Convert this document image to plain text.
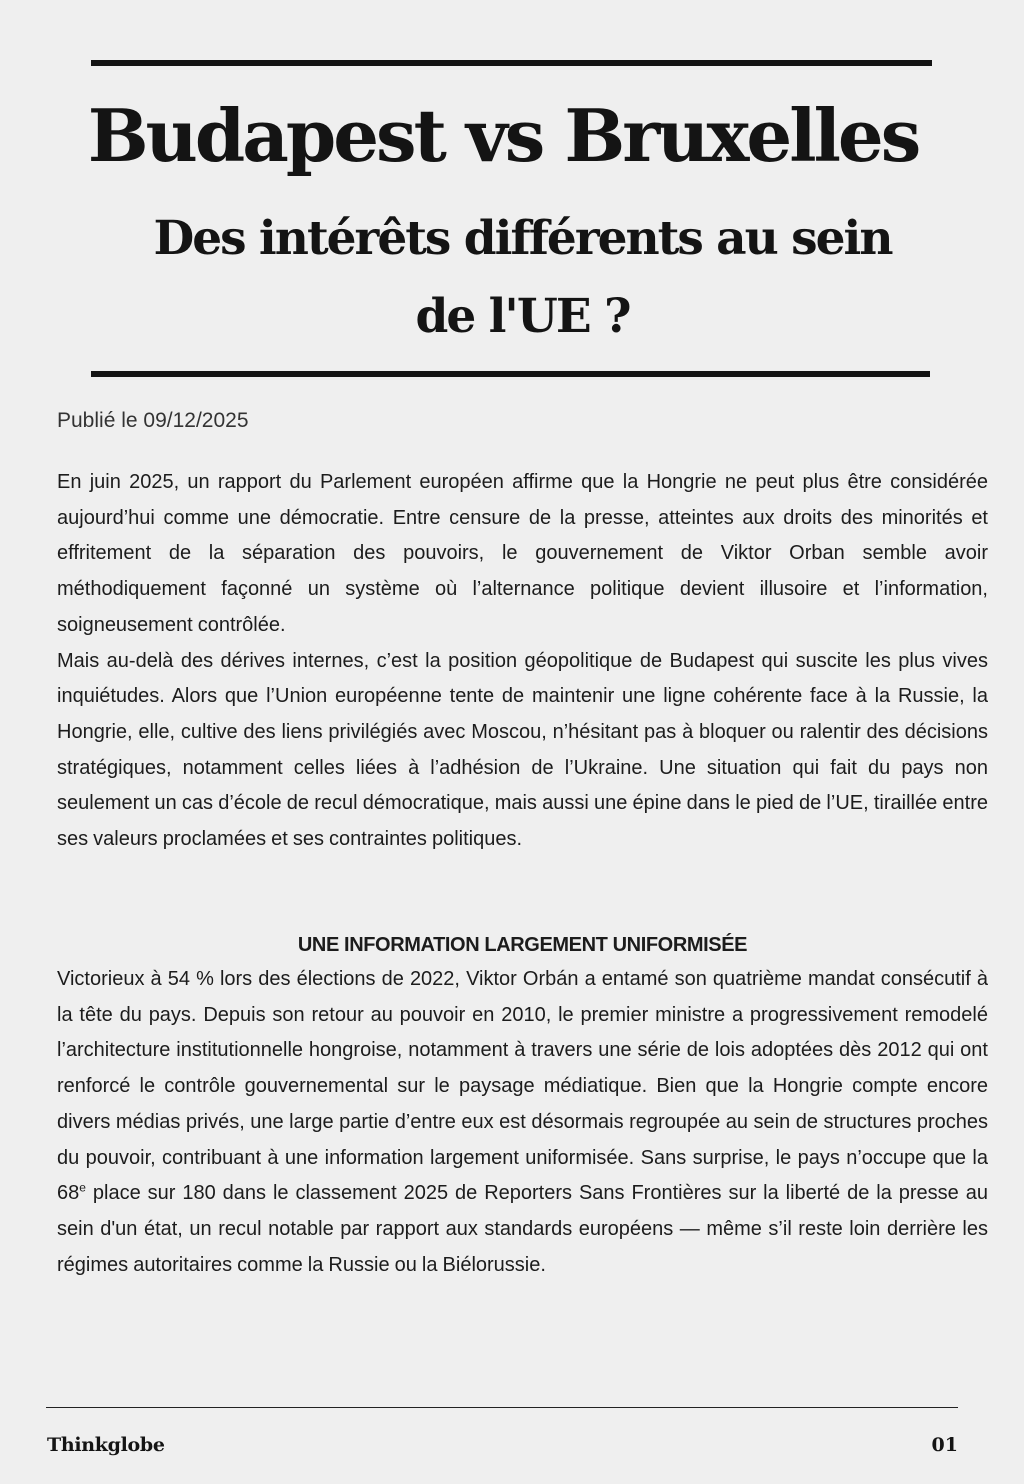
Budapest vs Bruxelles
Des intérêts différents au sein de l'UE ?
Publié le 09/12/2025

En juin 2025, un rapport du Parlement européen affirme que la Hongrie ne peut plus être considérée aujourd’hui comme une démocratie. Entre censure de la presse, atteintes aux droits des minorités et effritement de la séparation des pouvoirs, le gouvernement de Viktor Orban semble avoir méthodiquement façonné un système où l’alternance politique devient illusoire et l’information, soigneusement contrôlée.

Mais au-delà des dérives internes, c’est la position géopolitique de Budapest qui suscite les plus vives inquiétudes. Alors que l’Union européenne tente de maintenir une ligne cohérente face à la Russie, la Hongrie, elle, cultive des liens privilégiés avec Moscou, n’hésitant pas à bloquer ou ralentir des décisions stratégiques, notamment celles liées à l’adhésion de l’Ukraine. Une situation qui fait du pays non seulement un cas d’école de recul démocratique, mais aussi une épine dans le pied de l’UE, tiraillée entre ses valeurs proclamées et ses contraintes politiques.

UNE INFORMATION LARGEMENT UNIFORMISÉE

Victorieux à 54 % lors des élections de 2022, Viktor Orbán a entamé son quatrième mandat consécutif à la tête du pays. Depuis son retour au pouvoir en 2010, le premier ministre a progressivement remodelé l’architecture institutionnelle hongroise, notamment à travers une série de lois adoptées dès 2012 qui ont renforcé le contrôle gouvernemental sur le paysage médiatique. Bien que la Hongrie compte encore divers médias privés, une large partie d’entre eux est désormais regroupée au sein de structures proches du pouvoir, contribuant à une information largement uniformisée. Sans surprise, le pays n’occupe que la 68e place sur 180 dans le classement 2025 de Reporters Sans Frontières sur la liberté de la presse au sein d'un état, un recul notable par rapport aux standards européens — même s’il reste loin derrière les régimes autoritaires comme la Russie ou la Biélorussie.

Thinkglobe	01
